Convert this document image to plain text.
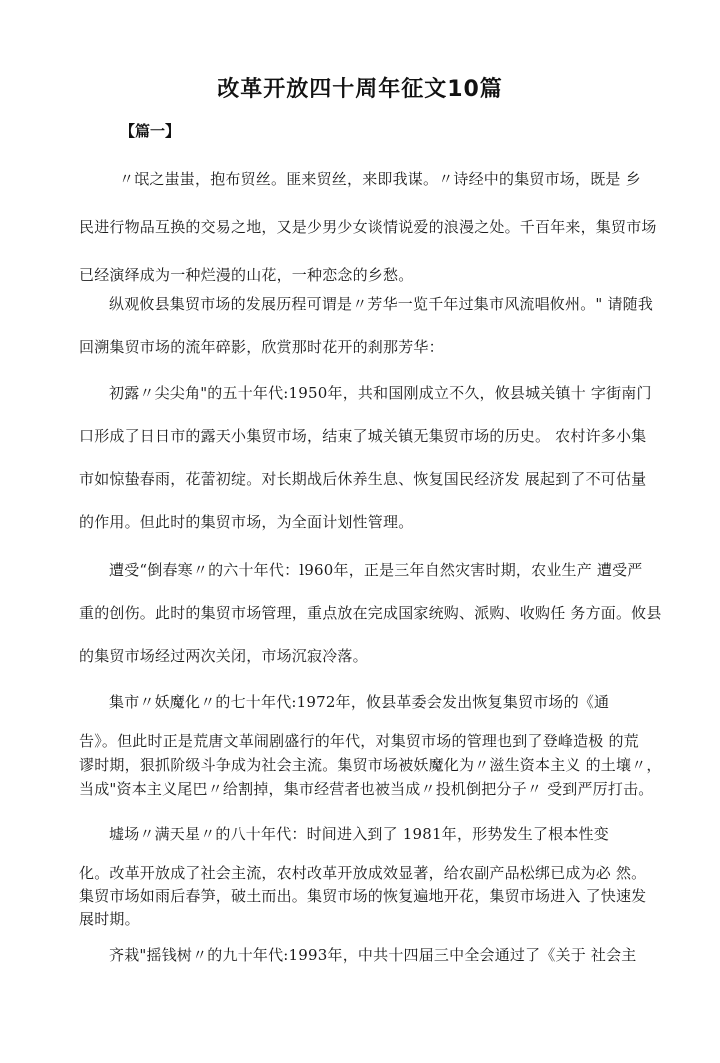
改革开放四十周年征文10篇
【篇一】
〃氓之蚩蚩，抱布贸丝。匪来贸丝，来即我谋。〃诗经中的集贸市场，既是 乡
民进行物品互换的交易之地，又是少男少女谈情说爱的浪漫之处。千百年来，集贸市场
已经演绎成为一种烂漫的山花，一种恋念的乡愁。
纵观攸县集贸市场的发展历程可谓是〃芳华一览千年过集市风流唱攸州。" 请随我
回溯集贸市场的流年碎影，欣赏那时花开的刹那芳华：
初露〃尖尖角"的五十年代:1950年，共和国刚成立不久，攸县城关镇十 字街南门
口形成了日日市的露天小集贸市场，结束了城关镇无集贸市场的历史。 农村许多小集
市如惊蛰春雨，花蕾初绽。对长期战后休养生息、恢复国民经济发 展起到了不可估量
的作用。但此时的集贸市场，为全面计划性管理。
遭受“倒春寒〃的六十年代：l960年，正是三年自然灾害时期，农业生产 遭受严
重的创伤。此时的集贸市场管理，重点放在完成国家统购、派购、收购任 务方面。攸县
的集贸市场经过两次关闭，市场沉寂冷落。
集市〃妖魔化〃的七十年代:1972年，攸县革委会发出恢复集贸市场的《通
告》。但此时正是荒唐文革闹剧盛行的年代，对集贸市场的管理也到了登峰造极 的荒
谬时期，狠抓阶级斗争成为社会主流。集贸市场被妖魔化为〃滋生资本主义 的土壤〃，
当成"资本主义尾巴〃给割掉，集市经营者也被当成〃投机倒把分子〃 受到严厉打击。
墟场〃满天星〃的八十年代：时间进入到了 1981年，形势发生了根本性变
化。改革开放成了社会主流，农村改革开放成效显著，给农副产品松绑已成为必 然。
集贸市场如雨后春笋，破土而出。集贸市场的恢复遍地开花，集贸市场进入 了快速发
展时期。
齐栽"摇钱树〃的九十年代:1993年，中共十四届三中全会通过了《关于 社会主
